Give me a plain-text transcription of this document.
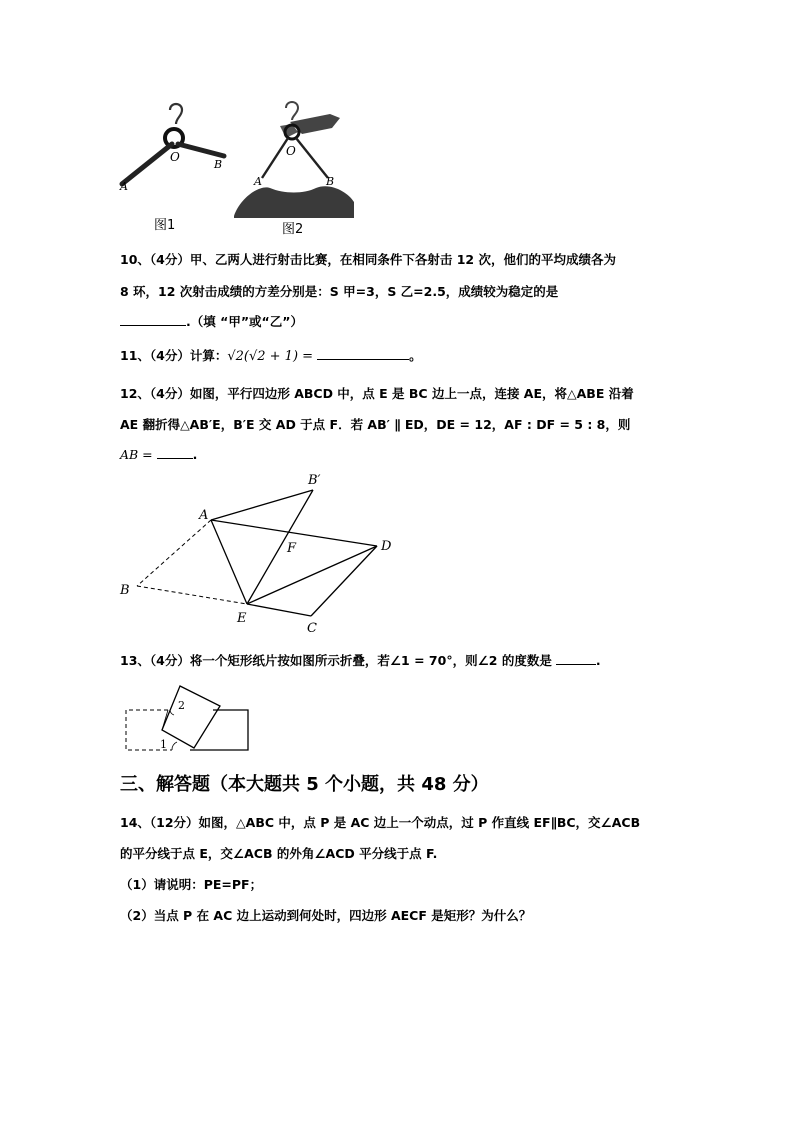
O
A
B
图1
O
A	B
图2
10、（4分）甲、乙两人进行射击比赛，在相同条件下各射击 12 次，他们的平均成绩各为
8 环，12 次射击成绩的方差分别是：S 甲=3，S 乙=2.5，成绩较为稳定的是
.（填 “甲”或“乙”）
11、（4分）计算：√2(√2 + 1) =	。
12、（4分）如图，平行四边形 ABCD 中，点 E 是 BC 边上一点，连接 AE，将△ABE 沿着
AE 翻折得△AB′E，B′E 交 AD 于点 F．若 AB′ ∥ ED，DE = 12，AF : DF = 5 : 8，则
AB =	.
A
B
B′
D
C
E
F
13、（4分）将一个矩形纸片按如图所示折叠，若∠1 = 70°，则∠2 的度数是	.
1
2
三、解答题（本大题共 5 个小题，共 48 分）
14、（12分）如图，△ABC 中，点 P 是 AC 边上一个动点，过 P 作直线 EF∥BC，交∠ACB
的平分线于点 E，交∠ACB 的外角∠ACD 平分线于点 F.
（1）请说明：PE=PF；
（2）当点 P 在 AC 边上运动到何处时，四边形 AECF 是矩形？为什么？
